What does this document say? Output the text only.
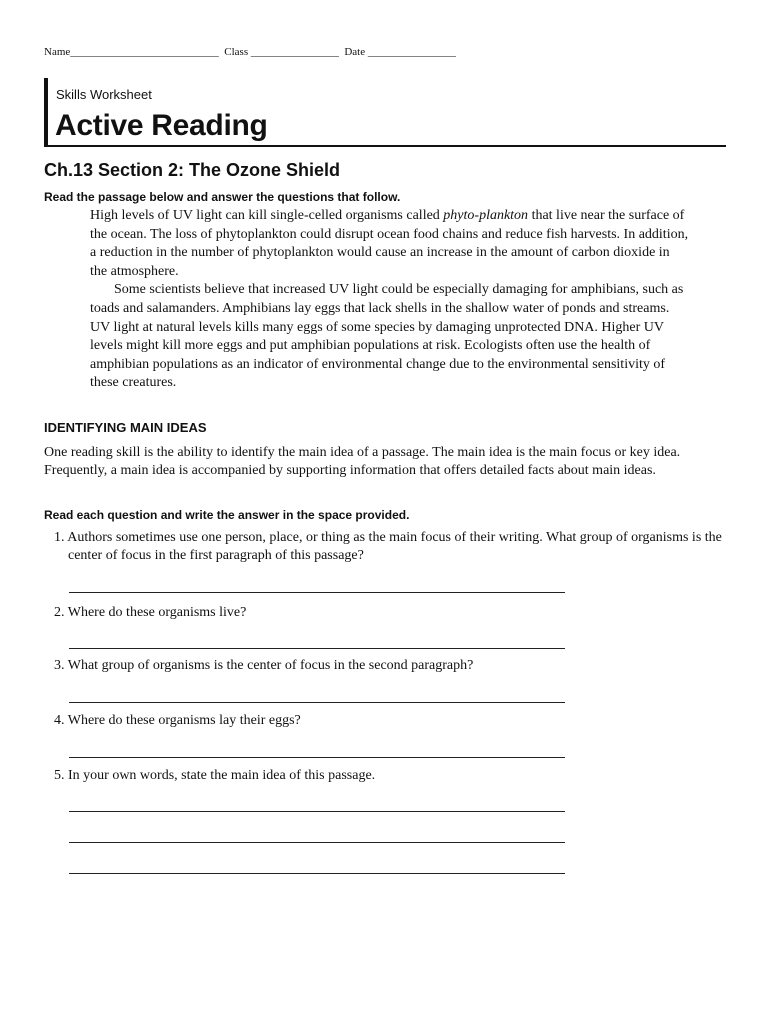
Name___________________________  Class ________________  Date ________________
Skills Worksheet
Active Reading
Ch.13 Section 2: The Ozone Shield
Read the passage below and answer the questions that follow.

High levels of UV light can kill single-celled organisms called phyto-plankton that live near the surface of the ocean. The loss of phytoplankton could disrupt ocean food chains and reduce fish harvests. In addition, a reduction in the number of phytoplankton would cause an increase in the amount of carbon dioxide in the atmosphere.

Some scientists believe that increased UV light could be especially damaging for amphibians, such as toads and salamanders. Amphibians lay eggs that lack shells in the shallow water of ponds and streams. UV light at natural levels kills many eggs of some species by damaging unprotected DNA. Higher UV levels might kill more eggs and put amphibian populations at risk. Ecologists often use the health of amphibian populations as an indicator of environmental change due to the environmental sensitivity of these creatures.

IDENTIFYING MAIN IDEAS
One reading skill is the ability to identify the main idea of a passage. The main idea is the main focus or key idea. Frequently, a main idea is accompanied by supporting information that offers detailed facts about main ideas.
Read each question and write the answer in the space provided.
1. Authors sometimes use one person, place, or thing as the main focus of their writing. What group of organisms is the center of focus in the first paragraph of this passage?
2. Where do these organisms live?
3. What group of organisms is the center of focus in the second paragraph?
4. Where do these organisms lay their eggs?
5. In your own words, state the main idea of this passage.
